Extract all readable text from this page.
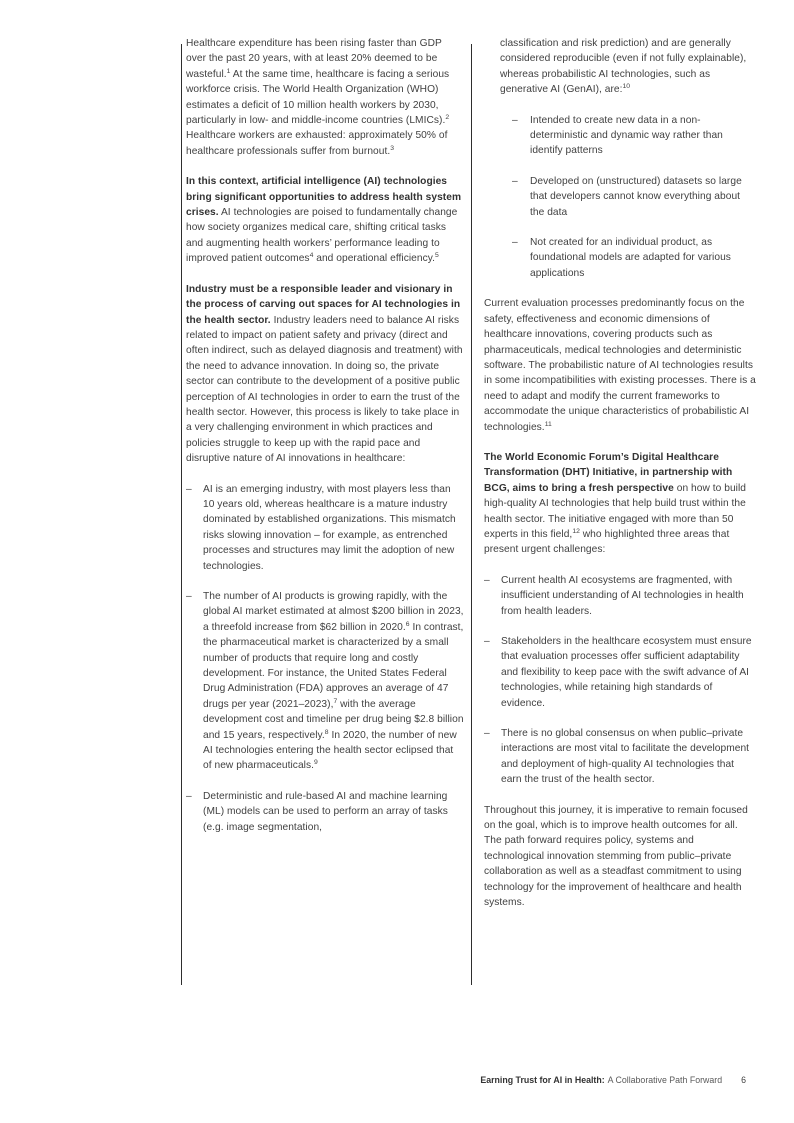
Healthcare expenditure has been rising faster than GDP over the past 20 years, with at least 20% deemed to be wasteful.$^1$ At the same time, healthcare is facing a serious workforce crisis. The World Health Organization (WHO) estimates a deficit of 10 million health workers by 2030, particularly in low- and middle-income countries (LMICs).$^2$ Healthcare workers are exhausted: approximately 50% of healthcare professionals suffer from burnout.$^3$

In this context, artificial intelligence (AI) technologies bring significant opportunities to address health system crises. AI technologies are poised to fundamentally change how society organizes medical care, shifting critical tasks and augmenting health workers’ performance leading to improved patient outcomes$^4$ and operational efficiency.$^5$

Industry must be a responsible leader and visionary in the process of carving out spaces for AI technologies in the health sector. Industry leaders need to balance AI risks related to impact on patient safety and privacy (direct and often indirect, such as delayed diagnosis and treatment) with the need to advance innovation. In doing so, the private sector can contribute to the development of a positive public perception of AI technologies in order to earn the trust of the health sector. However, this process is likely to take place in a very challenging environment in which practices and policies struggle to keep up with the rapid pace and disruptive nature of AI innovations in healthcare:

–	AI is an emerging industry, with most players less than 10 years old, whereas healthcare is a mature industry dominated by established organizations. This mismatch risks slowing innovation – for example, as entrenched processes and structures may limit the adoption of new technologies.
–	The number of AI products is growing rapidly, with the global AI market estimated at almost $200 billion in 2023, a threefold increase from $62 billion in 2020.$^6$ In contrast, the pharmaceutical market is characterized by a small number of products that require long and costly development. For instance, the United States Federal Drug Administration (FDA) approves an average of 47 drugs per year (2021–2023),$^7$ with the average development cost and timeline per drug being $2.8 billion and 15 years, respectively.$^8$ In 2020, the number of new AI technologies entering the health sector eclipsed that of new pharmaceuticals.$^9$
–	Deterministic and rule-based AI and machine learning (ML) models can be used to perform an array of tasks (e.g. image segmentation,

classification and risk prediction) and are generally considered reproducible (even if not fully explainable), whereas probabilistic AI technologies, such as generative AI (GenAI), are:$^{10}$

–	Intended to create new data in a non-deterministic and dynamic way rather than identify patterns
–	Developed on (unstructured) datasets so large that developers cannot know everything about the data
–	Not created for an individual product, as foundational models are adapted for various applications

Current evaluation processes predominantly focus on the safety, effectiveness and economic dimensions of healthcare innovations, covering products such as pharmaceuticals, medical technologies and deterministic software. The probabilistic nature of AI technologies results in some incompatibilities with existing processes. There is a need to adapt and modify the current frameworks to accommodate the unique characteristics of probabilistic AI technologies.$^{11}$

The World Economic Forum’s Digital Healthcare Transformation (DHT) Initiative, in partnership with BCG, aims to bring a fresh perspective on how to build high-quality AI technologies that help build trust within the health sector. The initiative engaged with more than 50 experts in this field,$^{12}$ who highlighted three areas that present urgent challenges:

–	Current health AI ecosystems are fragmented, with insufficient understanding of AI technologies in health from health leaders.
–	Stakeholders in the healthcare ecosystem must ensure that evaluation processes offer sufficient adaptability and flexibility to keep pace with the swift advance of AI technologies, while retaining high standards of evidence.
–	There is no global consensus on when public–private interactions are most vital to facilitate the development and deployment of high-quality AI technologies that earn the trust of the health sector.

Throughout this journey, it is imperative to remain focused on the goal, which is to improve health outcomes for all. The path forward requires policy, systems and technological innovation stemming from public–private collaboration as well as a steadfast commitment to using technology for the improvement of healthcare and health systems.

Earning Trust for AI in Health: A Collaborative Path Forward 6
